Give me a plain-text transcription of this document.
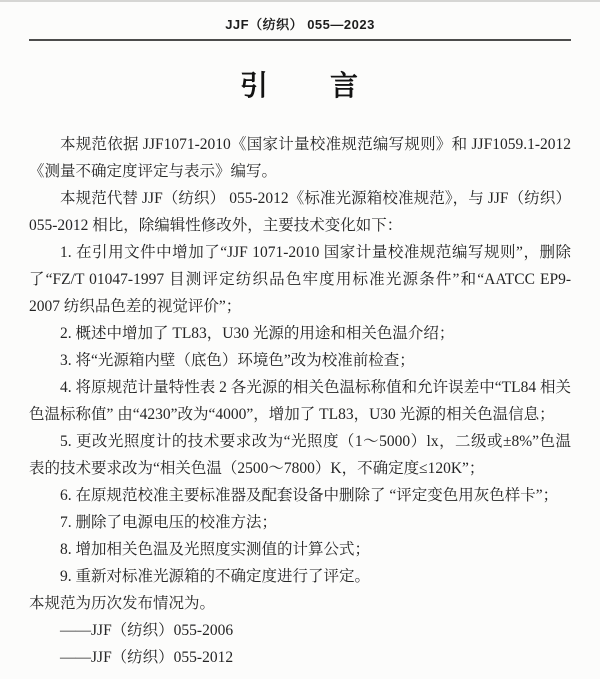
JJF（纺织） 055—2023
引　　言

本规范依据 JJF1071-2010《国家计量校准规范编写规则》和 JJF1059.1-2012《测量不确定度评定与表示》编写。

本规范代替 JJF（纺织） 055-2012《标准光源箱校准规范》，与 JJF（纺织）055-2012 相比，除编辑性修改外，主要技术变化如下：

1. 在引用文件中增加了“JJF 1071-2010 国家计量校准规范编写规则”，删除了“FZ/T 01047-1997 目测评定纺织品色牢度用标准光源条件”和“AATCC EP9-2007 纺织品色差的视觉评价”；

2. 概述中增加了 TL83，U30 光源的用途和相关色温介绍；

3. 将“光源箱内壁（底色）环境色”改为校准前检查；

4. 将原规范计量特性表 2 各光源的相关色温标称值和允许误差中“TL84 相关色温标称值” 由“4230”改为“4000”，增加了 TL83，U30 光源的相关色温信息；

5. 更改光照度计的技术要求改为“光照度（1～5000）lx，二级或±8%”色温表的技术要求改为“相关色温（2500～7800）K，不确定度≤120K”；

6. 在原规范校准主要标准器及配套设备中删除了 “评定变色用灰色样卡”；

7. 删除了电源电压的校准方法；

8. 增加相关色温及光照度实测值的计算公式；

9. 重新对标准光源箱的不确定度进行了评定。

本规范为历次发布情况为。

——JJF（纺织）055-2006

——JJF（纺织）055-2012
